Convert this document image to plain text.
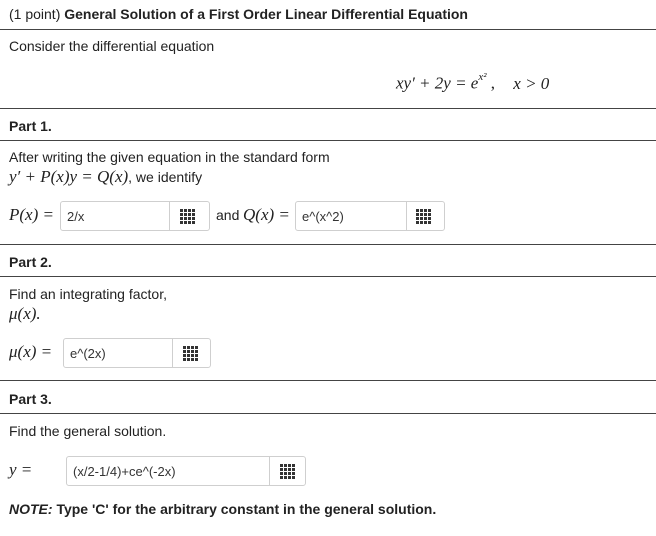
(1 point) General Solution of a First Order Linear Differential Equation
Consider the differential equation
$xy' + 2y = e^{x^2}$ , x > 0
Part 1.
After writing the given equation in the standard form
y′ + P(x)y = Q(x), we identify
P(x) =
2/x	and Q(x) =
e^(x^2)
Part 2.
Find an integrating factor,
μ(x).
μ(x) =
e^(2x)
Part 3.
Find the general solution.
y =
(x/2-1/4)+ce^(-2x)
NOTE: Type 'C' for the arbitrary constant in the general solution.
